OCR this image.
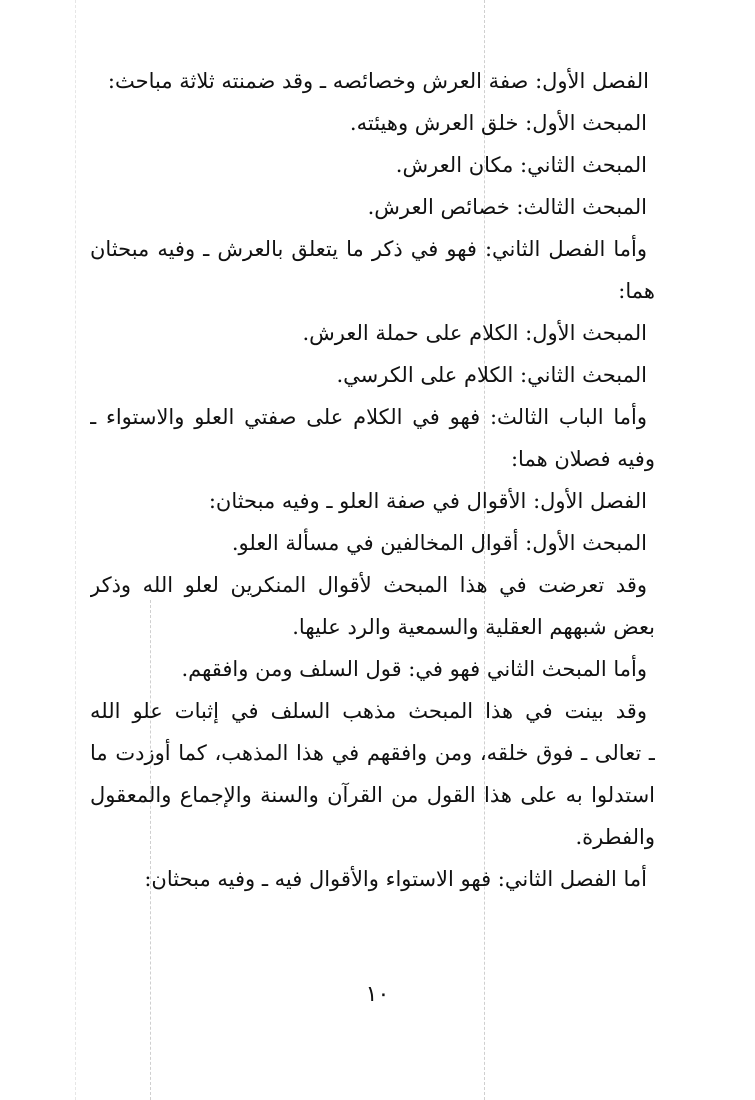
الفصل الأول: صفة العرش وخصائصه ـ وقد ضمنته ثلاثة مباحث:
المبحث الأول: خلق العرش وهيئته.
المبحث الثاني: مكان العرش.
المبحث الثالث: خصائص العرش.
وأما الفصل الثاني: فهو في ذكر ما يتعلق بالعرش ـ وفيه مبحثان
هما:
المبحث الأول: الكلام على حملة العرش.
المبحث الثاني: الكلام على الكرسي.
وأما الباب الثالث: فهو في الكلام على صفتي العلو والاستواء ـ
وفيه فصلان هما:
الفصل الأول: الأقوال في صفة العلو ـ وفيه مبحثان:
المبحث الأول: أقوال المخالفين في مسألة العلو.
وقد تعرضت في هذا المبحث لأقوال المنكرين لعلو الله وذكر
بعض شبههم العقلية والسمعية والرد عليها.
وأما المبحث الثاني فهو في: قول السلف ومن وافقهم.
وقد بينت في هذا المبحث مذهب السلف في إثبات علو الله
ـ تعالى ـ فوق خلقه، ومن وافقهم في هذا المذهب، كما أوزدت ما
استدلوا به على هذا القول من القرآن والسنة والإجماع والمعقول
والفطرة.
أما الفصل الثاني: فهو الاستواء والأقوال فيه ـ وفيه مبحثان:
١٠
